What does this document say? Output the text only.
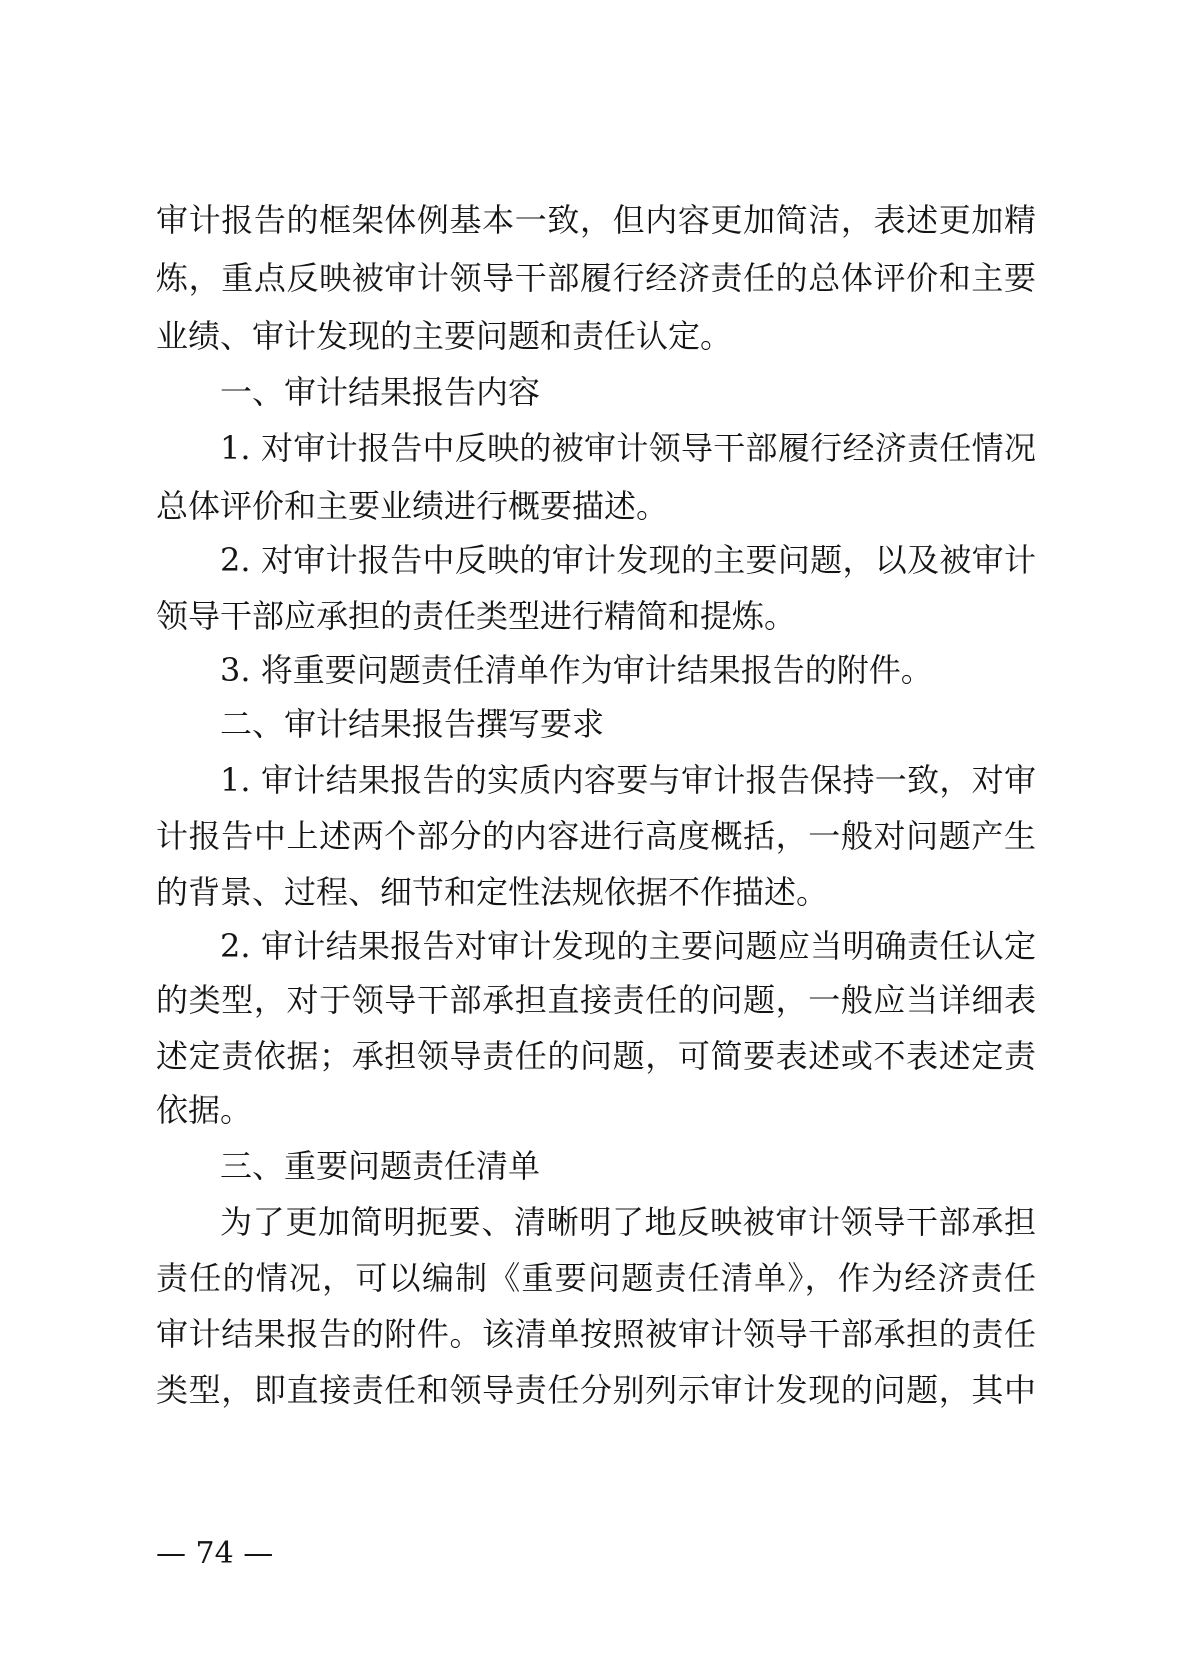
审计报告的框架体例基本一致，但内容更加简洁，表述更加精
炼，重点反映被审计领导干部履行经济责任的总体评价和主要
业绩、审计发现的主要问题和责任认定。
一、审计结果报告内容
1. 对审计报告中反映的被审计领导干部履行经济责任情况
总体评价和主要业绩进行概要描述。
2. 对审计报告中反映的审计发现的主要问题，以及被审计
领导干部应承担的责任类型进行精简和提炼。
3. 将重要问题责任清单作为审计结果报告的附件。
二、审计结果报告撰写要求
1. 审计结果报告的实质内容要与审计报告保持一致，对审
计报告中上述两个部分的内容进行高度概括，一般对问题产生
的背景、过程、细节和定性法规依据不作描述。
2. 审计结果报告对审计发现的主要问题应当明确责任认定
的类型，对于领导干部承担直接责任的问题，一般应当详细表
述定责依据；承担领导责任的问题，可简要表述或不表述定责
依据。
三、重要问题责任清单
为了更加简明扼要、清晰明了地反映被审计领导干部承担
责任的情况，可以编制《重要问题责任清单》，作为经济责任
审计结果报告的附件。该清单按照被审计领导干部承担的责任
类型，即直接责任和领导责任分别列示审计发现的问题，其中
— 74 —
